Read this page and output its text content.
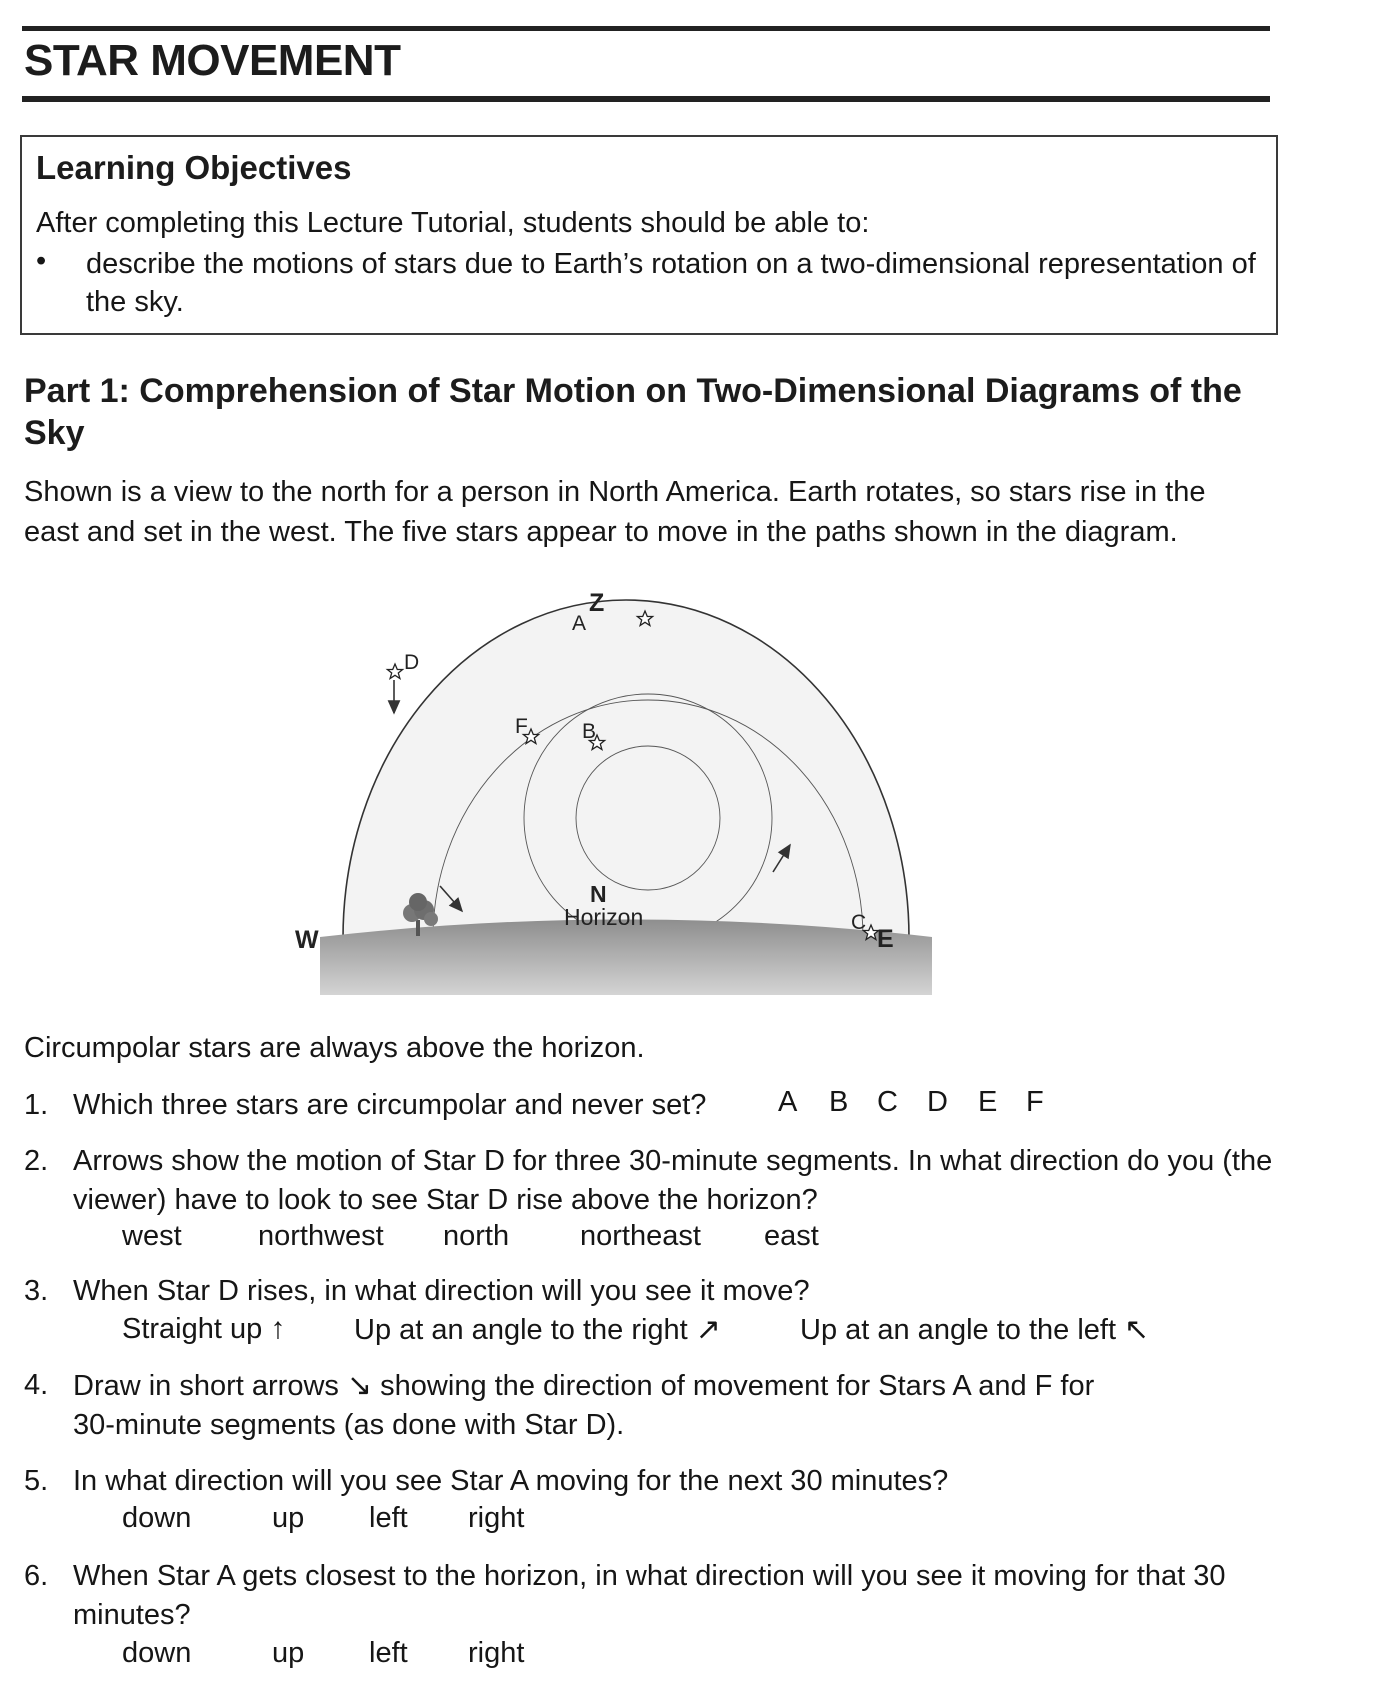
STAR MOVEMENT
Learning Objectives
After completing this Lecture Tutorial, students should be able to:
• describe the motions of stars due to Earth’s rotation on a two-dimensional representation of the sky.
Part 1: Comprehension of Star Motion on Two-Dimensional Diagrams of the Sky
Shown is a view to the north for a person in North America. Earth rotates, so stars rise in the east and set in the west. The five stars appear to move in the paths shown in the diagram.
Z
A
D
F	B
N
Horizon
W
C
E
Circumpolar stars are always above the horizon.
1. Which three stars are circumpolar and never set?	A B C D E F
2. Arrows show the motion of Star D for three 30-minute segments. In what direction do you (the viewer) have to look to see Star D rise above the horizon?
west	northwest north northeast east
3. When Star D rises, in what direction will you see it move?
Straight up ↑ Up at an angle to the right ↗	Up at an angle to the left ↖
4. Draw in short arrows ↘ showing the direction of movement for Stars A and F for
30-minute segments (as done with Star D).
5. In what direction will you see Star A moving for the next 30 minutes?
down	up left right
6. When Star A gets closest to the horizon, in what direction will you see it moving for that 30 minutes?
down	up left right
